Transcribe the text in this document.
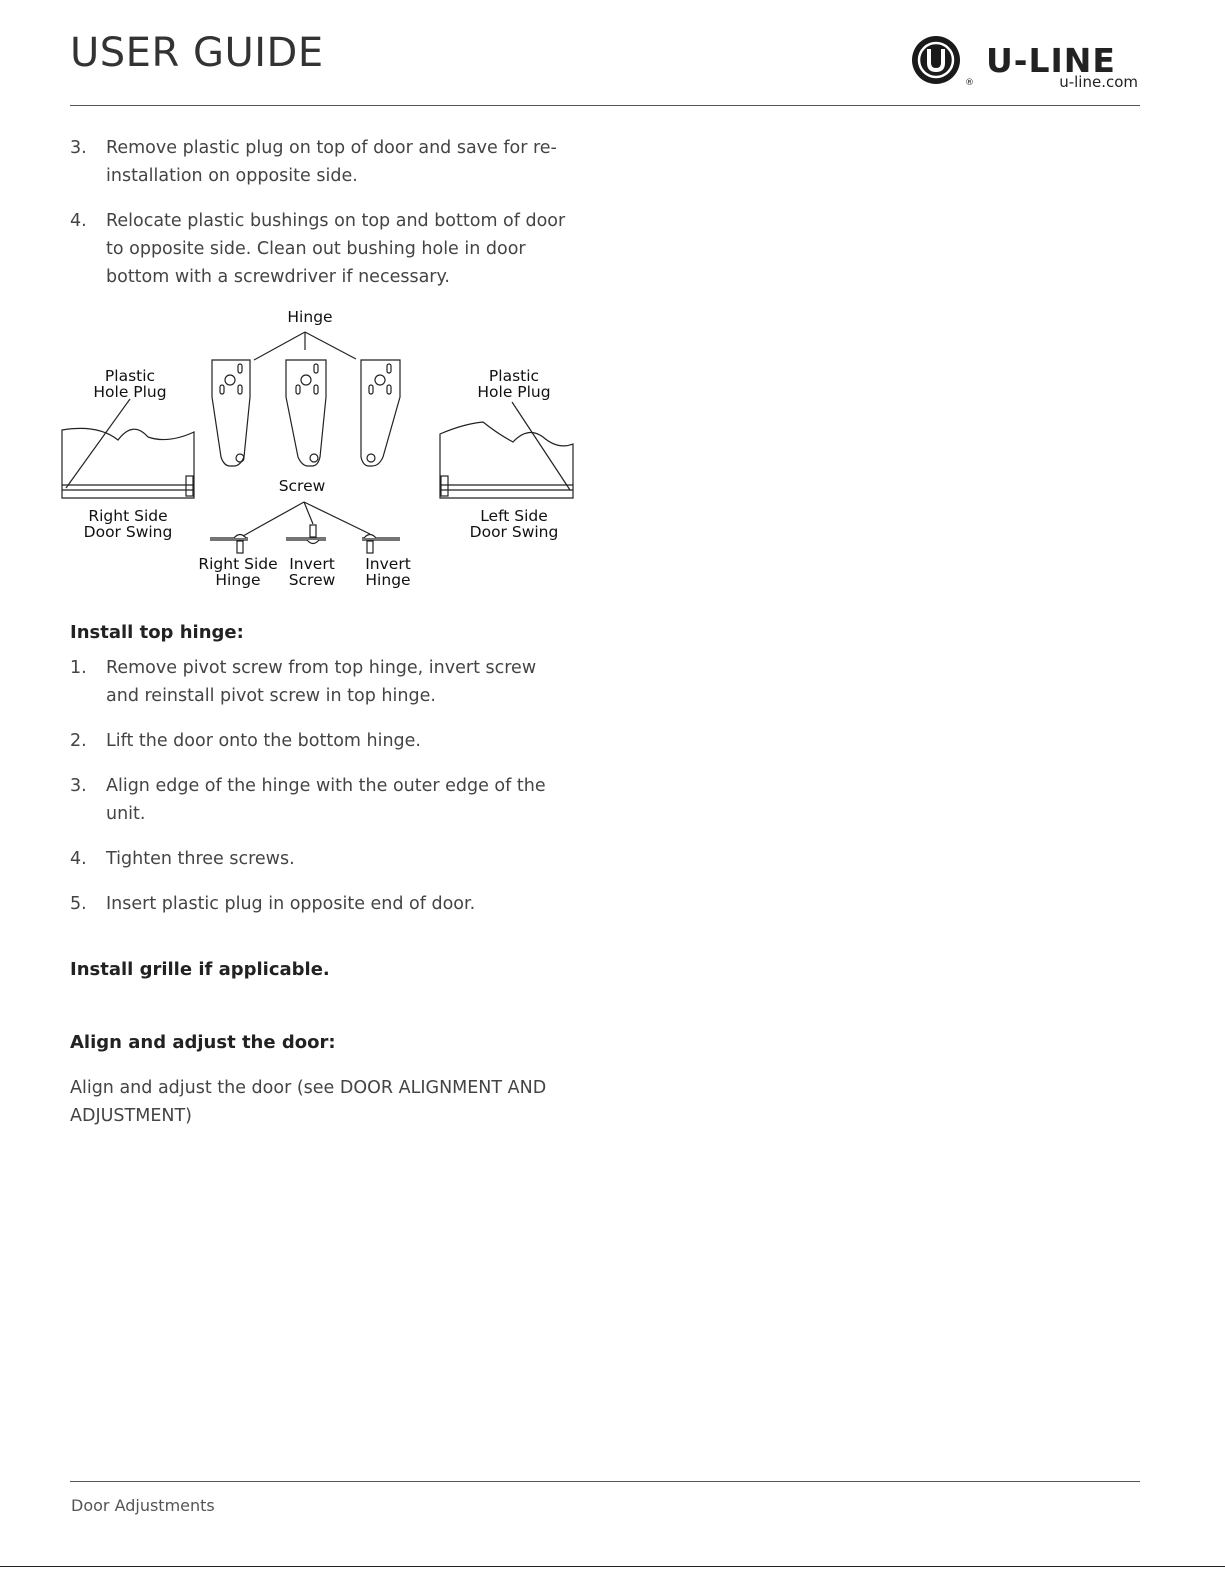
USER GUIDE
®
U-LINE
u-line.com
3. Remove plastic plug on top of door and save for re-installation on opposite side.
4. Relocate plastic bushings on top and bottom of door to opposite side. Clean out bushing hole in door bottom with a screwdriver if necessary.
Hinge
Plastic
Hole Plug
Plastic
Hole Plug
Screw
Right Side
Door Swing
Left Side
Door Swing
Right Side
Hinge
Invert
Screw
Invert
Hinge
Install top hinge:
1. Remove pivot screw from top hinge, invert screw and reinstall pivot screw in top hinge.
2. Lift the door onto the bottom hinge.
3. Align edge of the hinge with the outer edge of the unit.
4. Tighten three screws.
5. Insert plastic plug in opposite end of door.
Install grille if applicable.
Align and adjust the door:

Align and adjust the door (see DOOR ALIGNMENT AND ADJUSTMENT)

Door Adjustments
